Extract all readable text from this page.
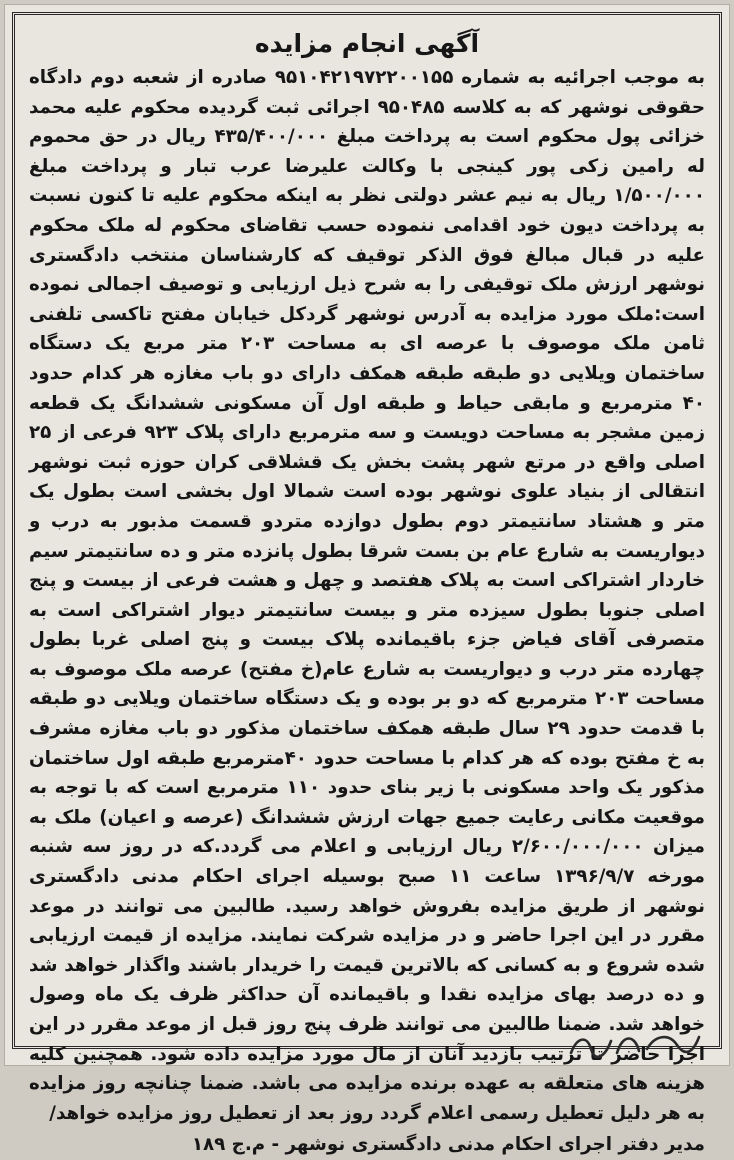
آگهی انجام مزایده

به موجب اجرائیه به شماره ۹۵۱۰۴۲۱۹۷۲۲۰۰۱۵۵ صادره از شعبه دوم دادگاه حقوقی نوشهر که به کلاسه ۹۵۰۴۸۵ اجرائی ثبت گردیده محکوم علیه محمد خزائی پول محکوم است به پرداخت مبلغ ۴۳۵/۴۰۰/۰۰۰ ریال در حق محموم له رامین زکی پور کینجی با وکالت علیرضا عرب تبار و پرداخت مبلغ ۱/۵۰۰/۰۰۰ ریال به نیم عشر دولتی نظر به اینکه محکوم علیه تا کنون نسبت به پرداخت دیون خود اقدامی ننموده حسب تقاضای محکوم له ملک محکوم علیه در قبال مبالغ فوق الذکر توقیف که کارشناسان منتخب دادگستری نوشهر ارزش ملک توقیفی را به شرح ذیل ارزیابی و توصیف اجمالی نموده است:ملک مورد مزایده به آدرس نوشهر گردکل خیابان مفتح تاکسی تلفنی ثامن ملک موصوف با عرصه ای به مساحت ۲۰۳ متر مربع یک دستگاه ساختمان ویلایی دو طبقه طبقه همکف دارای دو باب مغازه هر کدام حدود ۴۰ مترمربع و مابقی حیاط و طبقه اول آن مسکونی ششدانگ یک قطعه زمین مشجر به مساحت دویست و سه مترمربع دارای پلاک ۹۲۳ فرعی از ۲۵ اصلی واقع در مرتع شهر پشت بخش یک قشلاقی کران حوزه ثبت نوشهر انتقالی از بنیاد علوی نوشهر بوده است شمالا اول بخشی است بطول یک متر و هشتاد سانتیمتر دوم بطول دوازده متردو قسمت مذبور به درب و دیواریست به شارع عام بن بست شرقا بطول پانزده متر و ده سانتیمتر سیم خاردار اشتراکی است به پلاک هفتصد و چهل و هشت فرعی از بیست و پنج اصلی جنوبا بطول سیزده متر و بیست سانتیمتر دیوار اشتراکی است به متصرفی آقای فیاض جزء باقیمانده پلاک بیست و پنج اصلی غربا بطول چهارده متر درب و دیواریست به شارع عام(خ مفتح) عرصه ملک موصوف به مساحت ۲۰۳ مترمربع که دو بر بوده و یک دستگاه ساختمان ویلایی دو طبقه با قدمت حدود ۲۹ سال طبقه همکف ساختمان مذکور دو باب مغازه مشرف به خ مفتح بوده که هر کدام با مساحت حدود ۴۰مترمربع طبقه اول ساختمان مذکور یک واحد مسکونی با زیر بنای حدود ۱۱۰ مترمربع است که با توجه به موقعیت مکانی رعایت جمیع جهات ارزش ششدانگ (عرصه و اعیان) ملک به میزان ۲/۶۰۰/۰۰۰/۰۰۰ ریال ارزیابی و اعلام می گردد.که در روز سه شنبه مورخه ۱۳۹۶/۹/۷ ساعت ۱۱ صبح بوسیله اجرای احکام مدنی دادگستری نوشهر از طریق مزایده بفروش خواهد رسید. طالبین می توانند در موعد مقرر در این اجرا حاضر و در مزایده شرکت نمایند. مزایده از قیمت ارزیابی شده شروع و به کسانی که بالاترین قیمت را خریدار باشند واگذار خواهد شد و ده درصد بهای مزایده نقدا و باقیمانده آن حداکثر ظرف یک ماه وصول خواهد شد. ضمنا طالبین می توانند ظرف پنج روز قبل از موعد مقرر در این اجرا حاضر تا ترتیب بازدید آنان از مال مورد مزایده داده شود. همچنین کلیه هزینه های متعلقه به عهده برنده مزایده می باشد. ضمنا چنانچه روز مزایده به هر دلیل تعطیل رسمی اعلام گردد روز بعد از تعطیل روز مزایده خواهد/

مدیر دفتر اجرای احکام مدنی دادگستری نوشهر - م.ج ۱۸۹
